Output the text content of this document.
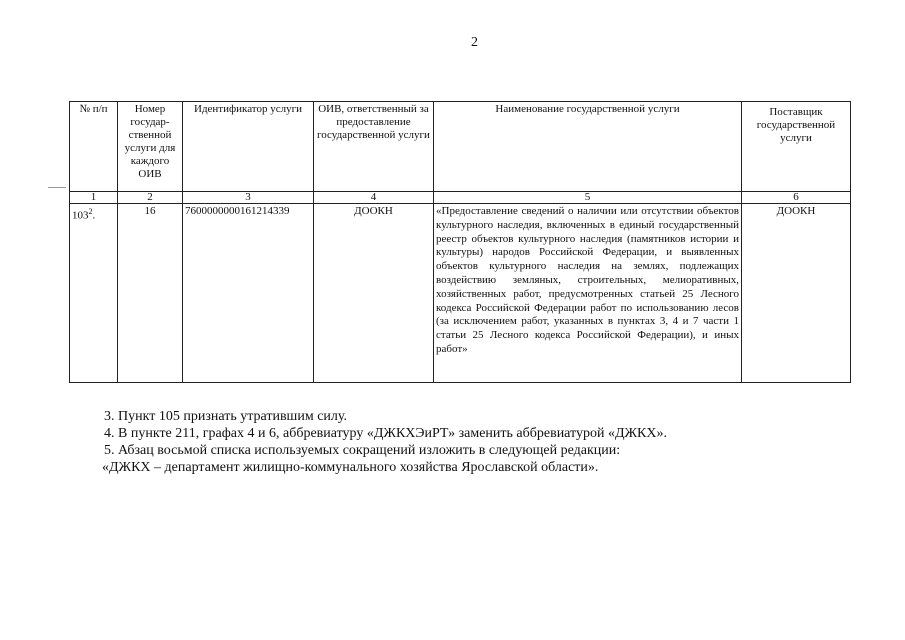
2
№ п/п	Номер государ-ственной услуги для каждого ОИВ	Идентификатор услуги	ОИВ, ответственный за предоставление государственной услуги	Наименование государственной услуги	Поставщик государственной услуги
1	2	3	4	5	6
$103^2$.	16	7600000000161214339	ДООКН	«Предоставление сведений о наличии или отсутствии объектов культурного наследия, включенных в единый государственный реестр объектов культурного наследия (памятников истории и культуры) народов Российской Федерации, и выявленных объектов культурного наследия на землях, подлежащих воздействию земляных, строительных, мелиоративных, хозяйственных работ, предусмотренных статьей 25 Лесного кодекса Российской Федерации работ по использованию лесов (за исключением работ, указанных в пунктах 3, 4 и 7 части 1 статьи 25 Лесного кодекса Российской Федерации), и иных работ»	ДООКН

3. Пункт 105 признать утратившим силу.

4. В пункте 211, графах 4 и 6, аббревиатуру «ДЖКХЭиРТ» заменить аббревиатурой «ДЖКХ».

5. Абзац восьмой списка используемых сокращений изложить в следующей редакции:

«ДЖКХ – департамент жилищно-коммунального хозяйства Ярославской области».
